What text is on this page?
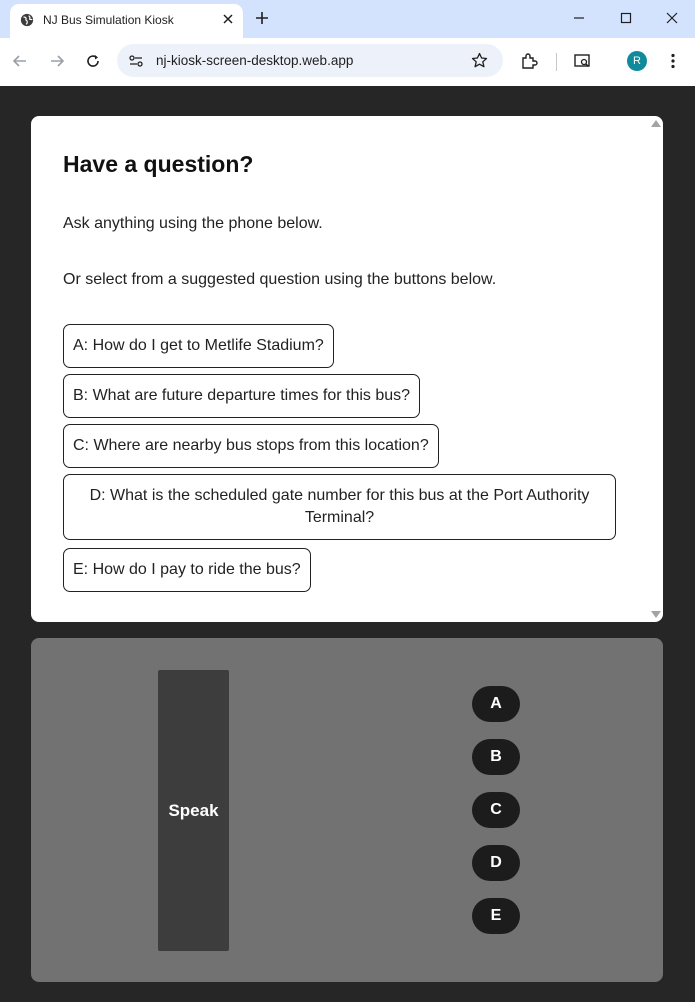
NJ Bus Simulation Kiosk
nj-kiosk-screen-desktop.web.app	R
Have a question?

Ask anything using the phone below.

Or select from a suggested question using the buttons below.

A: How do I get to Metlife Stadium?
B: What are future departure times for this bus?
C: Where are nearby bus stops from this location?
D: What is the scheduled gate number for this bus at the Port Authority Terminal?
E: How do I pay to ride the bus?
Speak
A
B
C
D
E
